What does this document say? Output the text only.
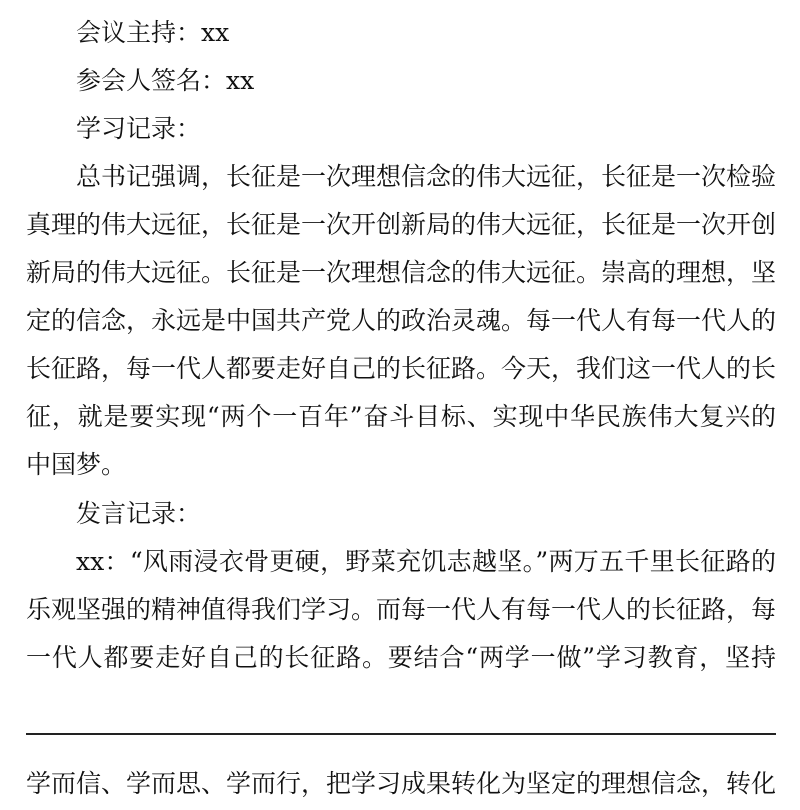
会议主持：xx
参会人签名：xx
学习记录：
总书记强调，长征是一次理想信念的伟大远征，长征是一次检验
真理的伟大远征，长征是一次开创新局的伟大远征，长征是一次开创
新局的伟大远征。长征是一次理想信念的伟大远征。崇高的理想，坚
定的信念，永远是中国共产党人的政治灵魂。每一代人有每一代人的
长征路，每一代人都要走好自己的长征路。今天，我们这一代人的长
征，就是要实现“两个一百年”奋斗目标、实现中华民族伟大复兴的
中国梦。
发言记录：
xx：“风雨浸衣骨更硬，野菜充饥志越坚。”两万五千里长征路的
乐观坚强的精神值得我们学习。而每一代人有每一代人的长征路，每
一代人都要走好自己的长征路。要结合“两学一做”学习教育，坚持
学而信、学而思、学而行，把学习成果转化为坚定的理想信念，转化
